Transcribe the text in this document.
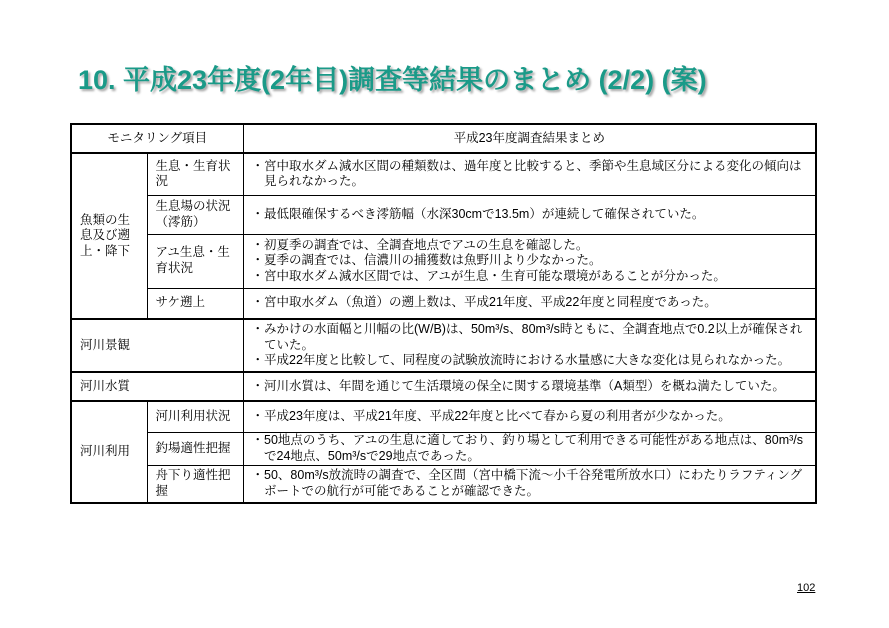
10. 平成23年度(2年目)調査等結果のまとめ (2/2) (案)
モニタリング項目		平成23年度調査結果まとめ
魚類の生息及び遡上・降下	生息・生育状況	・宮中取水ダム減水区間の種類数は、過年度と比較すると、季節や生息域区分による変化の傾向は見られなかった。

	生息場の状況（澪筋）	・最低限確保するべき澪筋幅（水深30cmで13.5m）が連続して確保されていた。

	アユ生息・生育状況	・初夏季の調査では、全調査地点でアユの生息を確認した。
・夏季の調査では、信濃川の捕獲数は魚野川より少なかった。
・宮中取水ダム減水区間では、アユが生息・生育可能な環境があることが分かった。

	サケ遡上	・宮中取水ダム（魚道）の遡上数は、平成21年度、平成22年度と同程度であった。

河川景観		・みかけの水面幅と川幅の比(W/B)は、50m³/s、80m³/s時ともに、全調査地点で0.2以上が確保されていた。
・平成22年度と比較して、同程度の試験放流時における水量感に大きな変化は見られなかった。

河川水質		・河川水質は、年間を通じて生活環境の保全に関する環境基準（A類型）を概ね満たしていた。

河川利用	河川利用状況	・平成23年度は、平成21年度、平成22年度と比べて春から夏の利用者が少なかった。

	釣場適性把握	・50地点のうち、アユの生息に適しており、釣り場として利用できる可能性がある地点は、80m³/sで24地点、50m³/sで29地点であった。

	舟下り適性把握	・50、80m³/s放流時の調査で、全区間（宮中橋下流～小千谷発電所放水口）にわたりラフティングボートでの航行が可能であることが確認できた。
102
